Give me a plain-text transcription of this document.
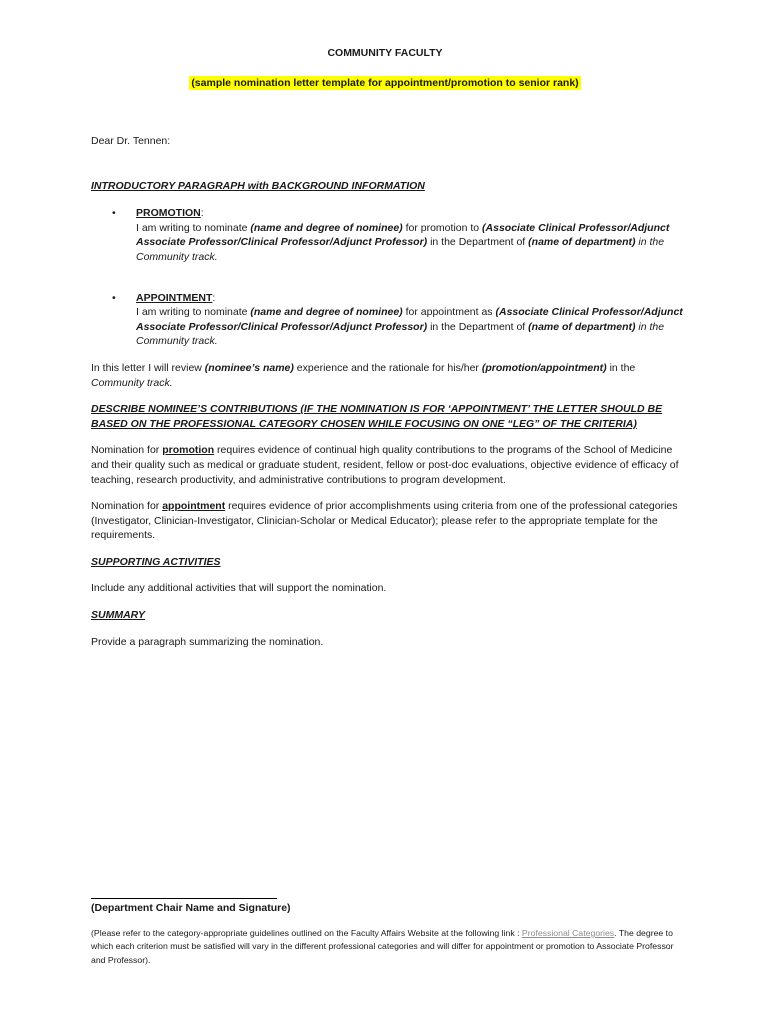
COMMUNITY FACULTY
(sample nomination letter template for appointment/promotion to senior rank)

Dear Dr. Tennen:

INTRODUCTORY PARAGRAPH with BACKGROUND INFORMATION

• PROMOTION:
I am writing to nominate (name and degree of nominee) for promotion to (Associate Clinical Professor/Adjunct Associate Professor/Clinical Professor/Adjunct Professor) in the Department of (name of department) in the Community track.
• APPOINTMENT:
I am writing to nominate (name and degree of nominee) for appointment as (Associate Clinical Professor/Adjunct Associate Professor/Clinical Professor/Adjunct Professor) in the Department of (name of department) in the Community track.

In this letter I will review (nominee’s name) experience and the rationale for his/her (promotion/appointment) in the Community track.

DESCRIBE NOMINEE’S CONTRIBUTIONS (IF THE NOMINATION IS FOR ‘APPOINTMENT’ THE LETTER SHOULD BE BASED ON THE PROFESSIONAL CATEGORY CHOSEN WHILE FOCUSING ON ONE “LEG” OF THE CRITERIA)

Nomination for promotion requires evidence of continual high quality contributions to the programs of the School of Medicine and their quality such as medical or graduate student, resident, fellow or post-doc evaluations, objective evidence of efficacy of teaching, research productivity, and administrative contributions to program development.

Nomination for appointment requires evidence of prior accomplishments using criteria from one of the professional categories (Investigator, Clinician-Investigator, Clinician-Scholar or Medical Educator); please refer to the appropriate template for the requirements.

SUPPORTING ACTIVITIES

Include any additional activities that will support the nomination.

SUMMARY

Provide a paragraph summarizing the nomination.

(Department Chair Name and Signature)
(Please refer to the category-appropriate guidelines outlined on the Faculty Affairs Website at the following link : Professional Categories. The degree to which each criterion must be satisfied will vary in the different professional categories and will differ for appointment or promotion to Associate Professor and Professor).
